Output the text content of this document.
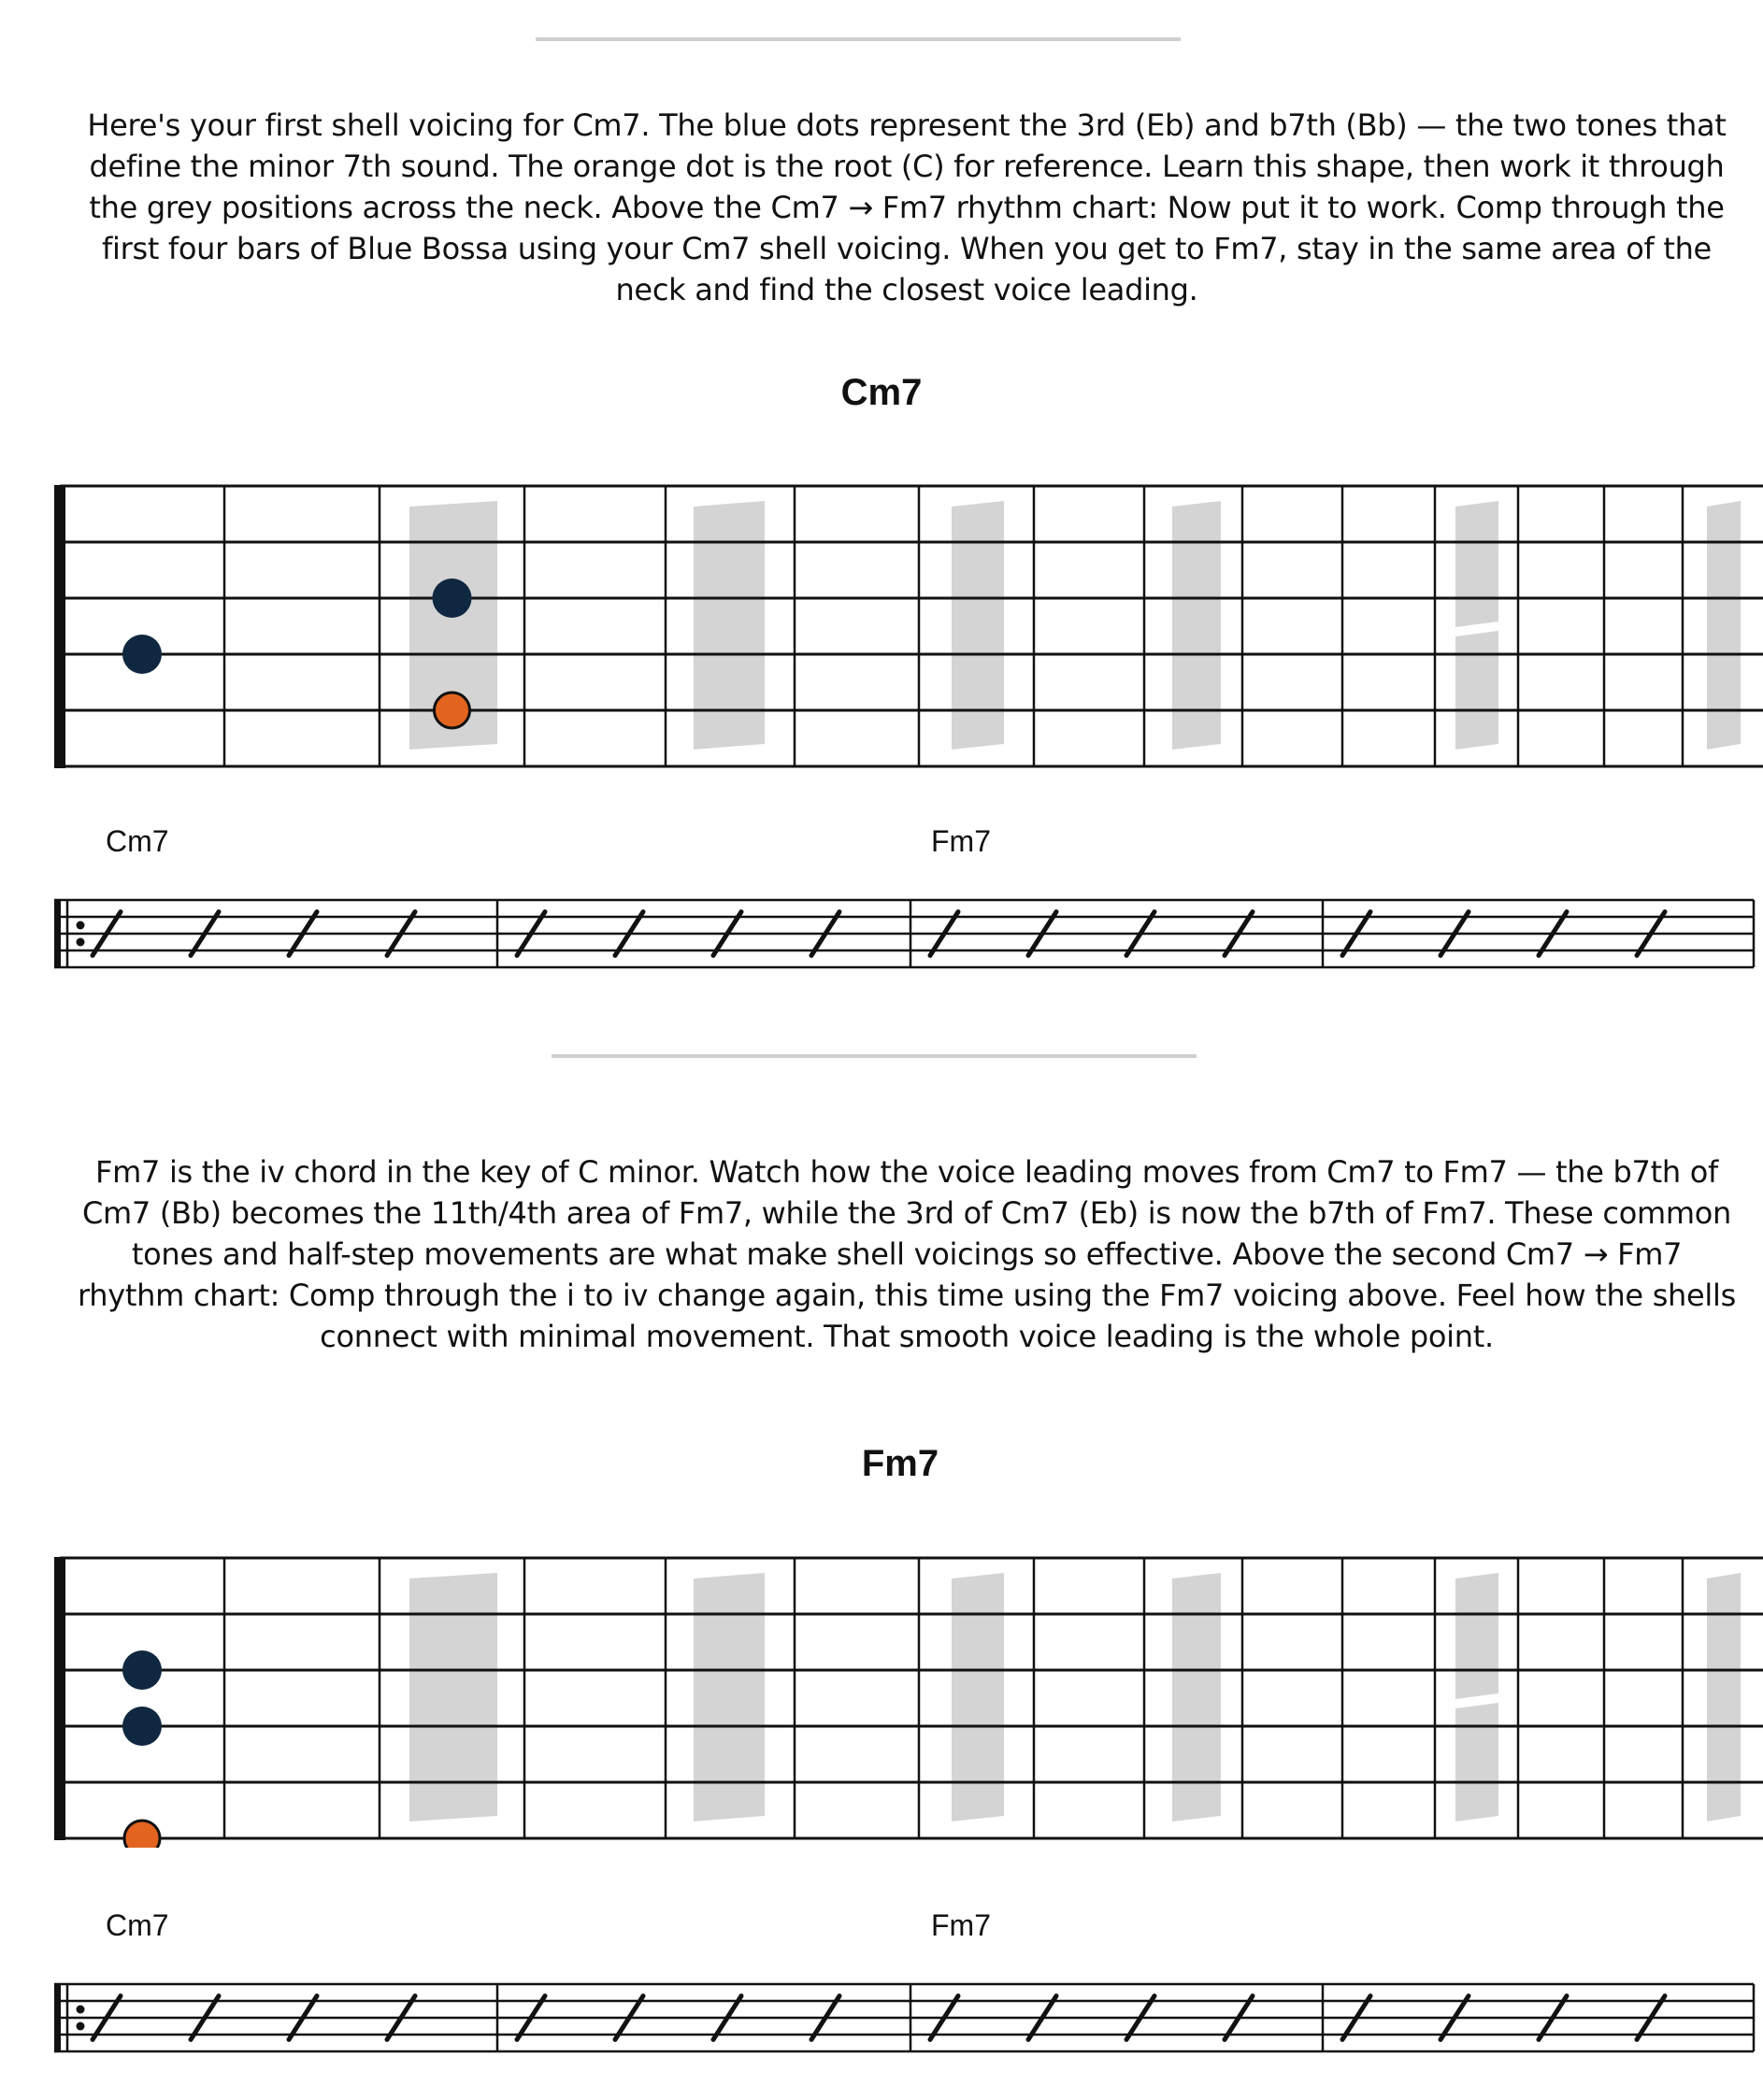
Here's your first shell voicing for Cm7. The blue dots represent the 3rd (Eb) and b7th (Bb) — the two tones that define the minor 7th sound. The orange dot is the root (C) for reference. Learn this shape, then work it through the grey positions across the neck. Above the Cm7 → Fm7 rhythm chart: Now put it to work. Comp through the first four bars of Blue Bossa using your Cm7 shell voicing. When you get to Fm7, stay in the same area of the neck and find the closest voice leading.

Cm7
Cm7	Fm7

Fm7 is the iv chord in the key of C minor. Watch how the voice leading moves from Cm7 to Fm7 — the b7th of Cm7 (Bb) becomes the 11th/4th area of Fm7, while the 3rd of Cm7 (Eb) is now the b7th of Fm7. These common tones and half-step movements are what make shell voicings so effective. Above the second Cm7 → Fm7 rhythm chart: Comp through the i to iv change again, this time using the Fm7 voicing above. Feel how the shells connect with minimal movement. That smooth voice leading is the whole point.

Fm7
Cm7	Fm7
